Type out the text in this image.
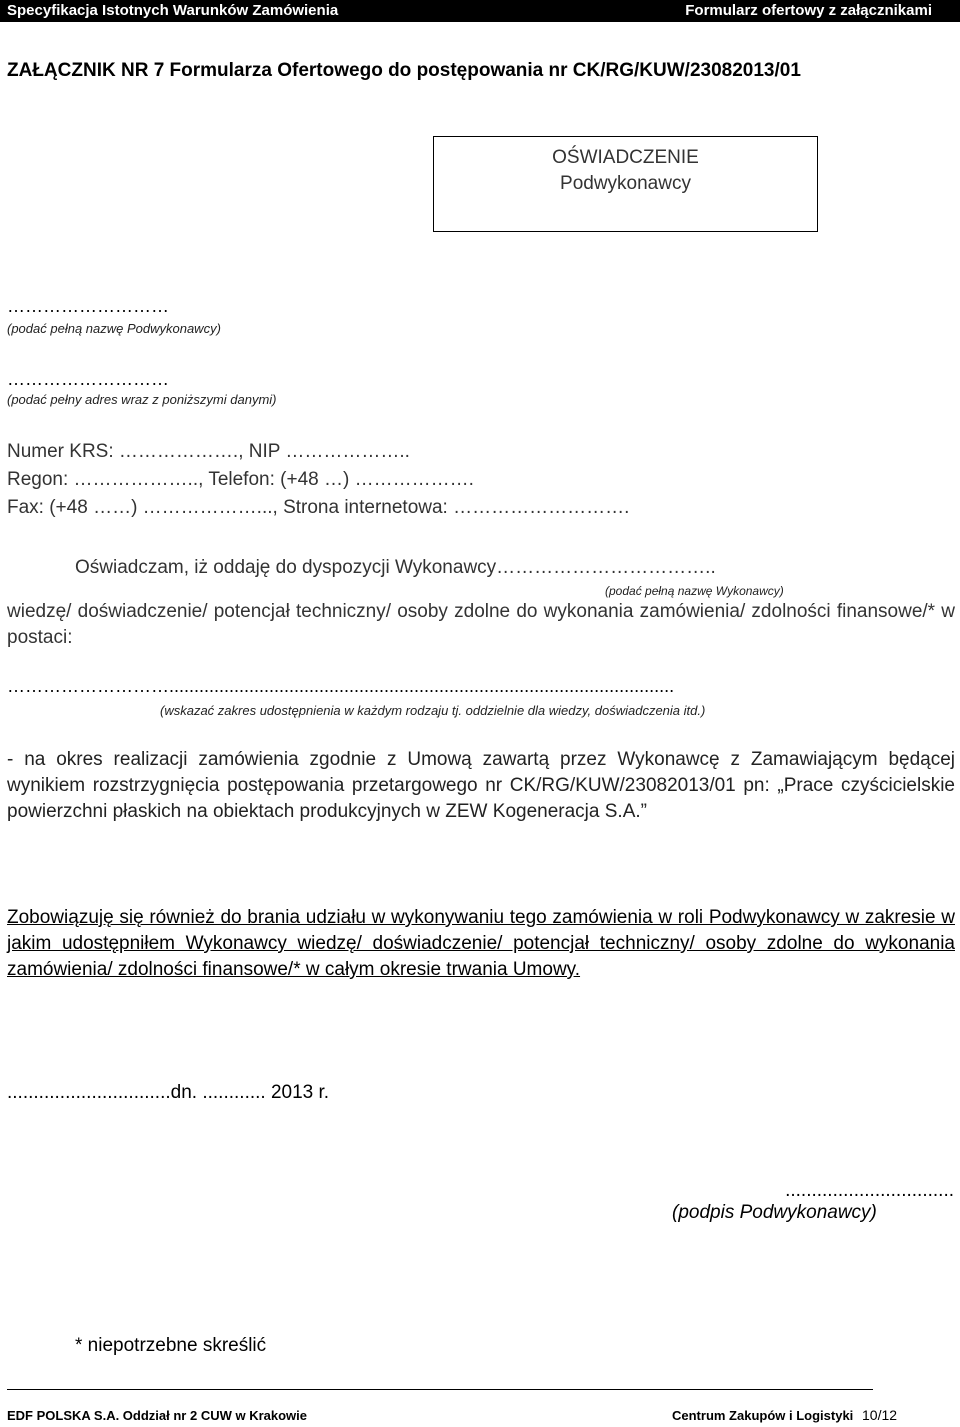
Specyfikacja Istotnych Warunków Zamówienia	Formularz ofertowy z załącznikami
ZAŁĄCZNIK NR 7 Formularza Ofertowego do postępowania nr CK/RG/KUW/23082013/01
OŚWIADCZENIE
Podwykonawcy
………………………
(podać pełną nazwę Podwykonawcy)
………………………
(podać pełny adres wraz z poniższymi danymi)
Numer KRS: ………………., NIP ………………..
Regon: ……………….., Telefon: (+48 …) ……………….
Fax: (+48 ……) ………………..., Strona internetowa: ……………………….
Oświadczam, iż oddaję do dyspozycji Wykonawcy……………………………..
(podać pełną nazwę Wykonawcy)
wiedzę/ doświadczenie/ potencjał techniczny/ osoby zdolne do wykonania zamówienia/ zdolności finansowe/* w postaci:
……………………….....................................................................................................
(wskazać zakres udostępnienia w każdym rodzaju tj. oddzielnie dla wiedzy, doświadczenia itd.)
- na okres realizacji zamówienia zgodnie z Umową zawartą przez Wykonawcę z Zamawiającym będącej wynikiem rozstrzygnięcia postępowania przetargowego nr CK/RG/KUW/23082013/01 pn: „Prace czyścicielskie powierzchni płaskich na obiektach produkcyjnych w ZEW Kogeneracja S.A.”
Zobowiązuję się również do brania udziału w wykonywaniu tego zamówienia w roli Podwykonawcy w zakresie w jakim udostępniłem Wykonawcy wiedzę/ doświadczenie/ potencjał techniczny/ osoby zdolne do wykonania zamówienia/ zdolności finansowe/* w całym okresie trwania Umowy.
...............................dn. ............ 2013 r.
................................
(podpis Podwykonawcy)
* niepotrzebne skreślić
EDF POLSKA S.A. Oddział nr 2 CUW w Krakowie	Centrum Zakupów i Logistyki 10/12
